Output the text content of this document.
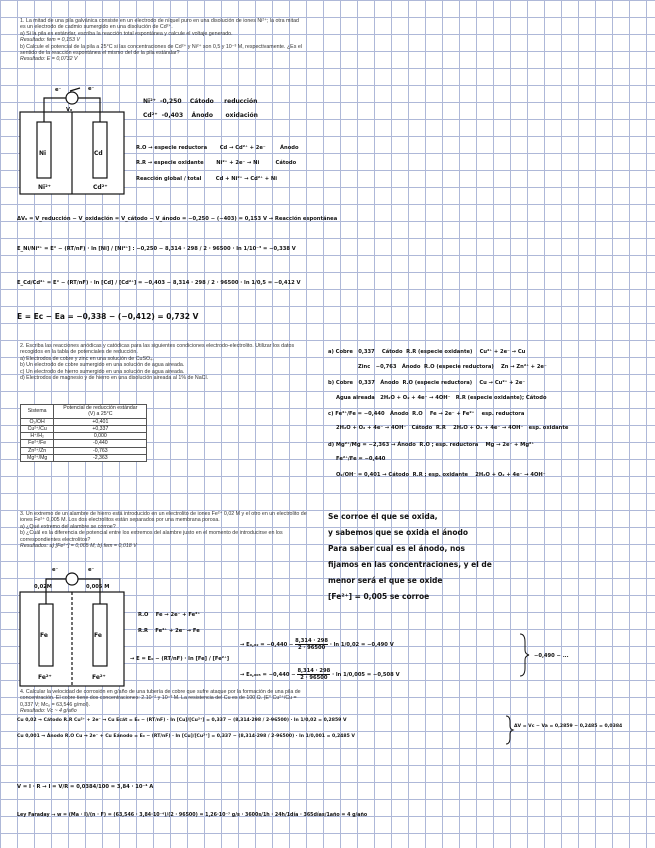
1. La mitad de una pila galvánica consiste en un electrodo de níquel puro en una disolución de iones Ni²⁺; la otra mitad es un electrodo de cadmio sumergido en una disolución de Cd²⁺.
a) Si la pila es estándar, escriba la reacción total espontánea y calcule el voltaje generado.
Resultado: fem = 0,153 V
b) Calcule el potencial de la pila a 25°C si las concentraciones de Cd²⁺ y Ni²⁺ son 0,5 y 10⁻³ M, respectivamente. ¿Es el sentido de la reacción espontánea el mismo del de la pila estándar?
Resultado: E = 0,0732 V
e⁻	e⁻
V₀
Ni	Cd
Ni²⁺	Cd²⁺
Ni²⁺  -0,250    Cátodo     reducción
Cd²⁺  -0,403    Ánodo      oxidación
R.O → especie reductora       Cd → Cd²⁺ + 2e⁻        Ánodo
R.R → especie oxidante       Ni²⁺ + 2e⁻ → Ni         Cátodo
Reacción global / total        Cd + Ni²⁺ → Cd²⁺ + Ni
ΔV₀ = V_reducción − V_oxidación = V_cátodo − V_ánodo = −0,250 − (−403) = 0,153 V → Reacción espontánea
E_Ni/Ni²⁺ = E° − (RT/nF) · ln [Ni] / [Ni²⁺] : −0,250 − 8,314 · 298 / 2 · 96500 · ln 1/10⁻³ = −0,338 V
E_Cd/Cd²⁺ = E° − (RT/nF) · ln [Cd] / [Cd²⁺] = −0,403 − 8,314 · 298 / 2 · 96500 · ln 1/0,5 = −0,412 V
E = Ec − Ea = −0,338 − (−0,412) = 0,732 V
2. Escriba las reacciones anódicas y catódicas para las siguientes condiciones electrodo-electrolito. Utilizar los datos recogidos en la tabla de potenciales de reducción.
a) Electrodos de cobre y zinc en una solución de CuSO₄.
b) Un electrodo de cobre sumergido en una solución de agua aireada.
c) Un electrodo de hierro sumergido en una solución de agua aireada.
d) Electrodos de magnesio y de hierro en una disolución aireada al 1% de NaCl.
Sistema	Potencial de reducción estándar (V) a 25°C
O₂/OH	+0,401
Cu²⁺/Cu	+0,337
H⁺/H₂	0,000
Fe²⁺/Fe	-0,440
Zn²⁺/Zn	-0,763
Mg²⁺/Mg	-2,363
a) Cobre   0,337    Cátodo  R.R (especie oxidante)    Cu²⁺ + 2e⁻ → Cu
Zinc   −0,763   Ánodo  R.O (especie reductora)    Zn → Zn²⁺ + 2e⁻
b) Cobre   0,337   Ánodo  R.O (especie reductora)    Cu → Cu²⁺ + 2e⁻
Agua aireada   2H₂O + O₂ + 4e⁻ → 4OH⁻   R.R (especie oxidante); Cátodo
c) Fe²⁺/Fe = −0,440   Ánodo  R.O    Fe → 2e⁻ + Fe²⁺    esp. reductora
2H₂O + O₂ + 4e⁻ → 4OH⁻   Cátodo  R.R    2H₂O + O₂ + 4e⁻ → 4OH⁻   esp. oxidante
d) Mg²⁺/Mg = −2,363 → Ánodo  R.O ; esp. reductora    Mg → 2e⁻ + Mg²⁺
Fe²⁺/Fe = −0,440
O₂/OH⁻ = 0,401 → Cátodo  R.R ; esp. oxidante    2H₂O + O₂ + 4e⁻ → 4OH⁻
3. Un extremo de un alambre de hierro está introducido en un electrolito de iones Fe²⁺ 0,02 M y el otro en un electrolito de iones Fe²⁺ 0,005 M. Los dos electrolitos están separados por una membrana porosa.
a) ¿Qué extremo del alambre se corroe?
b) ¿Cuál es la diferencia de potencial entre los extremos del alambre justo en el momento de introducirse en los correspondientes electrolitos?
Resultados: a) [Fe²⁺] = 0,005 M, b) fem = 0,018 V
Se corroe el que se oxida,
y sabemos que se oxida el ánodo
Para saber cual es el ánodo, nos
fijamos en las concentraciones, y el de
menor será el que se oxide
[Fe²⁺] = 0,005 se corroe
e⁻	e⁻
0,02M	0,005 M
Fe	Fe
Fe²⁺	Fe²⁺
R.O    Fe → 2e⁻ + Fe²⁺
R.R    Fe²⁺ + 2e⁻ → Fe
→ E = E₀ − (RT/nF) · ln [Fe] / [Fe²⁺]
→ $E_0,_{02} = -0,440 - \frac{8,314 \cdot 298}{2 \cdot 96500} \cdot \ln 1/0,02 = -0,490$ V
→ $E_0,_{005} = -0,440 - \frac{8,314 \cdot 298}{2 \cdot 96500} \cdot \ln 1/0,005 = -0,508$ V
−0,490 − ...
4. Calcular la velocidad de corrosión en g/año de una tubería de cobre que sufre ataque por la formación de una pila de concentración. El cobre tiene dos concentraciones: 2.10⁻² y 10⁻³ M. La resistencia del Cu es de 100 Ω. (E° Cu²⁺/Cu = 0,337 V; Mᴄᵤ = 63,546 g/mol).
Resultado: Vc ~ 4 g/año
Cu 0,02 → Cátodo R.R Cu²⁺ + 2e⁻ → Cu Ecát = E₀ − (RT/nF) · ln [Cu]/[Cu²⁺] = 0,337 − (8,314·298 / 2·96500) · ln 1/0,02 = 0,2859 V
Cu 0,001 → Ánodo R.O Cu → 2e⁻ + Cu Eánodo = E₀ − (RT/nF) · ln [Cu]/[Cu²⁺] = 0,337 − (8,314·298 / 2·96500) · ln 1/0,001 = 0,2485 V
ΔV = Vc − Va = 0,2859 − 0,2485 = 0,0384
V = I · R → I = V/R = 0,0384/100 = 3,84 · 10⁻⁴ A
Ley Faraday → w = (Ma · I)/(n · F) = (63,546 · 3,84·10⁻⁴)/(2 · 96500) = 1,26·10⁻⁷ g/s · 3600s/1h · 24h/1día · 365días/1año = 4 g/año
